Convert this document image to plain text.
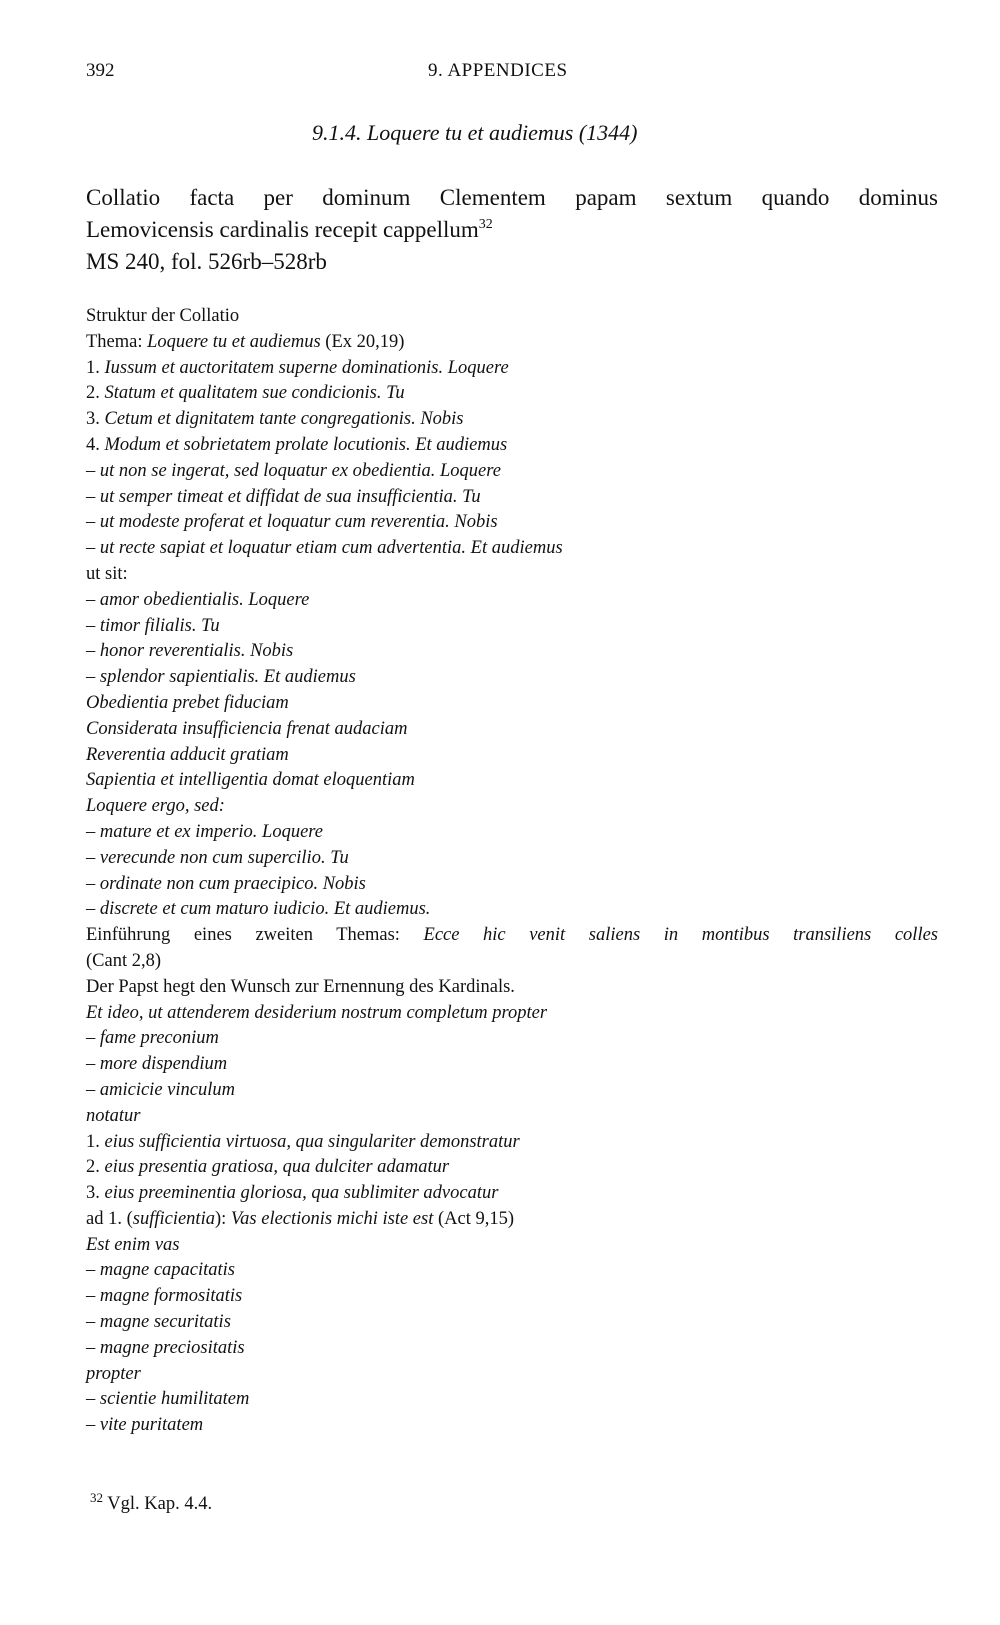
392	9. APPENDICES
9.1.4. Loquere tu et audiemus (1344)
Collatio facta per dominum Clementem papam sextum quando dominus
Lemovicensis cardinalis recepit cappellum$^{32}$
MS 240, fol. 526rb–528rb
Struktur der Collatio
Thema: Loquere tu et audiemus (Ex 20,19)
1. Iussum et auctoritatem superne dominationis. Loquere
2. Statum et qualitatem sue condicionis. Tu
3. Cetum et dignitatem tante congregationis. Nobis
4. Modum et sobrietatem prolate locutionis. Et audiemus
– ut non se ingerat, sed loquatur ex obedientia. Loquere
– ut semper timeat et diffidat de sua insufficientia. Tu
– ut modeste proferat et loquatur cum reverentia. Nobis
– ut recte sapiat et loquatur etiam cum advertentia. Et audiemus
ut sit:
– amor obedientialis. Loquere
– timor filialis. Tu
– honor reverentialis. Nobis
– splendor sapientialis. Et audiemus
Obedientia prebet fiduciam
Considerata insufficiencia frenat audaciam
Reverentia adducit gratiam
Sapientia et intelligentia domat eloquentiam
Loquere ergo, sed:
– mature et ex imperio. Loquere
– verecunde non cum supercilio. Tu
– ordinate non cum praecipico. Nobis
– discrete et cum maturo iudicio. Et audiemus.
Einführung eines zweiten Themas: Ecce hic venit saliens in montibus transiliens colles
(Cant 2,8)
Der Papst hegt den Wunsch zur Ernennung des Kardinals.
Et ideo, ut attenderem desiderium nostrum completum propter
– fame preconium
– more dispendium
– amicicie vinculum
notatur
1. eius sufficientia virtuosa, qua singulariter demonstratur
2. eius presentia gratiosa, qua dulciter adamatur
3. eius preeminentia gloriosa, qua sublimiter advocatur
ad 1. (sufficientia): Vas electionis michi iste est (Act 9,15)
Est enim vas
– magne capacitatis
– magne formositatis
– magne securitatis
– magne preciositatis
propter
– scientie humilitatem
– vite puritatem
$^{32}$ Vgl. Kap. 4.4.
